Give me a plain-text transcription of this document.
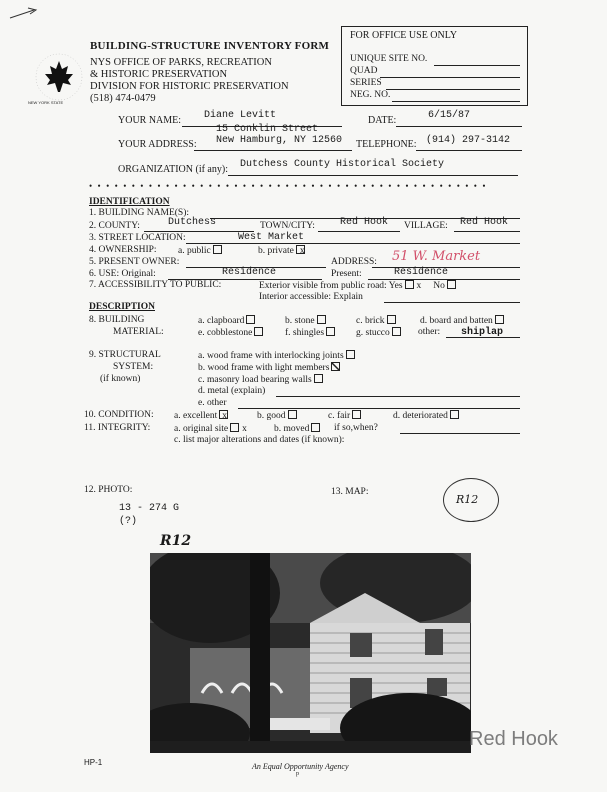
NEW YORK STATE
BUILDING-STRUCTURE INVENTORY FORM
NYS OFFICE OF PARKS, RECREATION
& HISTORIC PRESERVATION
DIVISION FOR HISTORIC PRESERVATION
(518) 474-0479
FOR OFFICE USE ONLY
UNIQUE SITE NO.
QUAD
SERIES
NEG. NO.
YOUR NAME: Diane Levitt	DATE:	6/15/87
15 Conklin Street
YOUR ADDRESS: New Hamburg, NY 12560 TELEPHONE: (914) 297-3142
ORGANIZATION (if any): Dutchess County Historical Society
•••••••••••••••••••••••••••••••••••••••••••••••
IDENTIFICATION
1. BUILDING NAME(S):
2. COUNTY:	Dutchess	TOWN/CITY:	Red Hook VILLAGE: Red Hook
3. STREET LOCATION:	West Market
4. OWNERSHIP: a. public	b. private x
5. PRESENT OWNER:	ADDRESS: 51 W. Market
6. USE: Original:	Residence	Present:	Residence
7. ACCESSIBILITY TO PUBLIC:	Exterior visible from public road: Yes x No
Interior accessible: Explain
DESCRIPTION
8. BUILDING
MATERIAL:
a. clapboard	b. stone	c. brick	d. board and batten
e. cobblestone	f. shingles	g. stucco	other: shiplap
9. STRUCTURAL
SYSTEM:
(if known)
a. wood frame with interlocking joints
b. wood frame with light members
c. masonry load bearing walls
d. metal (explain)
e. other
10. CONDITION: a. excellent x	b. good	c. fair	d. deteriorated
11. INTEGRITY: a. original site x	b. moved	if so,when?
c. list major alterations and dates (if known):
12. PHOTO:
13 - 274 G
(?)
R12
13. MAP:
R12
Red Hook
HP-1	An Equal Opportunity Agency
p
